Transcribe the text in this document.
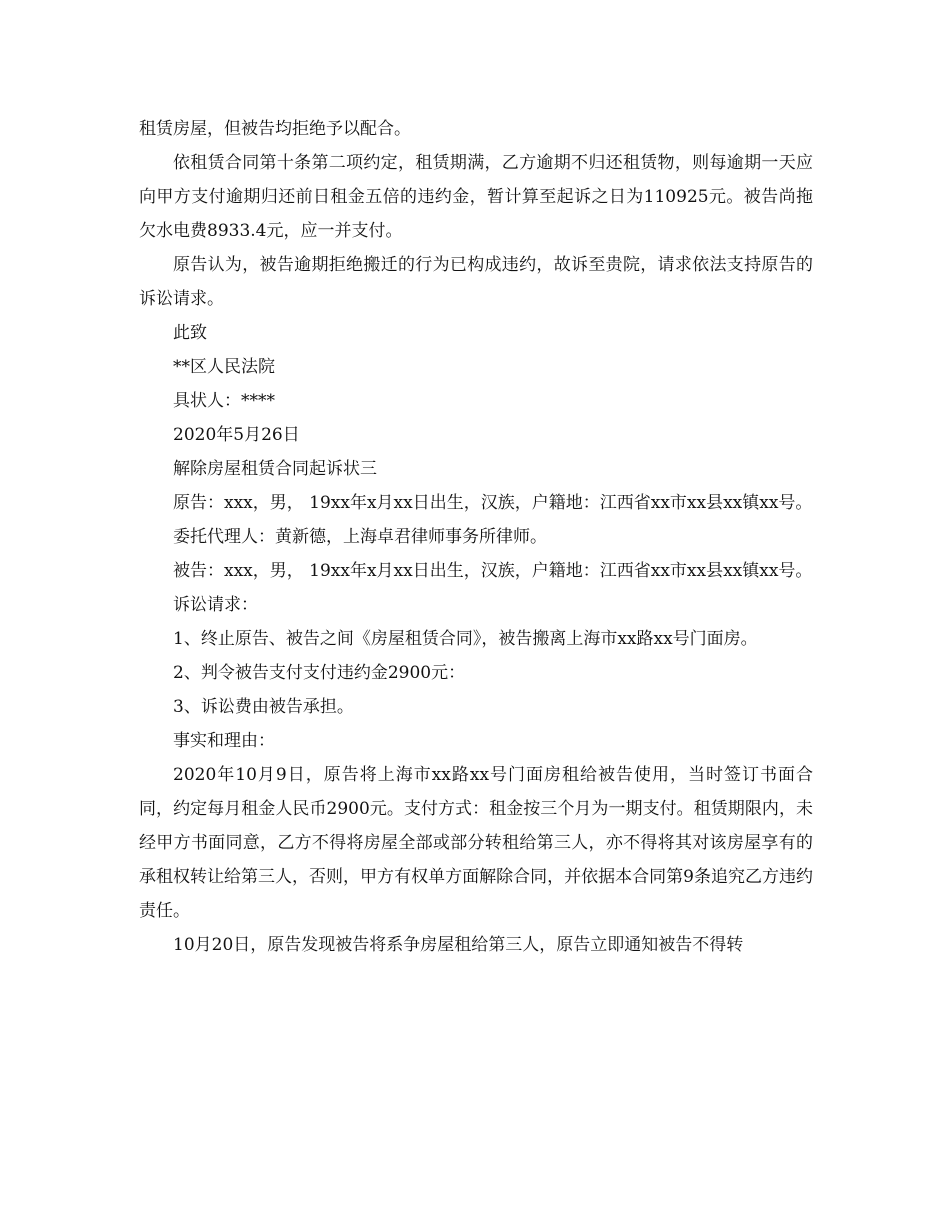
租赁房屋，但被告均拒绝予以配合。

依租赁合同第十条第二项约定，租赁期满，乙方逾期不归还租赁物，则每逾期一天应向甲方支付逾期归还前日租金五倍的违约金，暂计算至起诉之日为110925元。被告尚拖欠水电费8933.4元，应一并支付。

原告认为，被告逾期拒绝搬迁的行为已构成违约，故诉至贵院，请求依法支持原告的诉讼请求。

此致

**区人民法院

具状人：****

2020年5月26日

解除房屋租赁合同起诉状三

原告：xxx，男， 19xx年x月xx日出生，汉族，户籍地：江西省xx市xx县xx镇xx号。

委托代理人：黄新德，上海卓君律师事务所律师。

被告：xxx，男， 19xx年x月xx日出生，汉族，户籍地：江西省xx市xx县xx镇xx号。

诉讼请求：

1、终止原告、被告之间《房屋租赁合同》，被告搬离上海市xx路xx号门面房。

2、判令被告支付支付违约金2900元：

3、诉讼费由被告承担。

事实和理由：

2020年10月9日，原告将上海市xx路xx号门面房租给被告使用，当时签订书面合同，约定每月租金人民币2900元。支付方式：租金按三个月为一期支付。租赁期限内，未经甲方书面同意，乙方不得将房屋全部或部分转租给第三人，亦不得将其对该房屋享有的承租权转让给第三人，否则，甲方有权单方面解除合同，并依据本合同第9条追究乙方违约责任。

10月20日，原告发现被告将系争房屋租给第三人，原告立即通知被告不得转
